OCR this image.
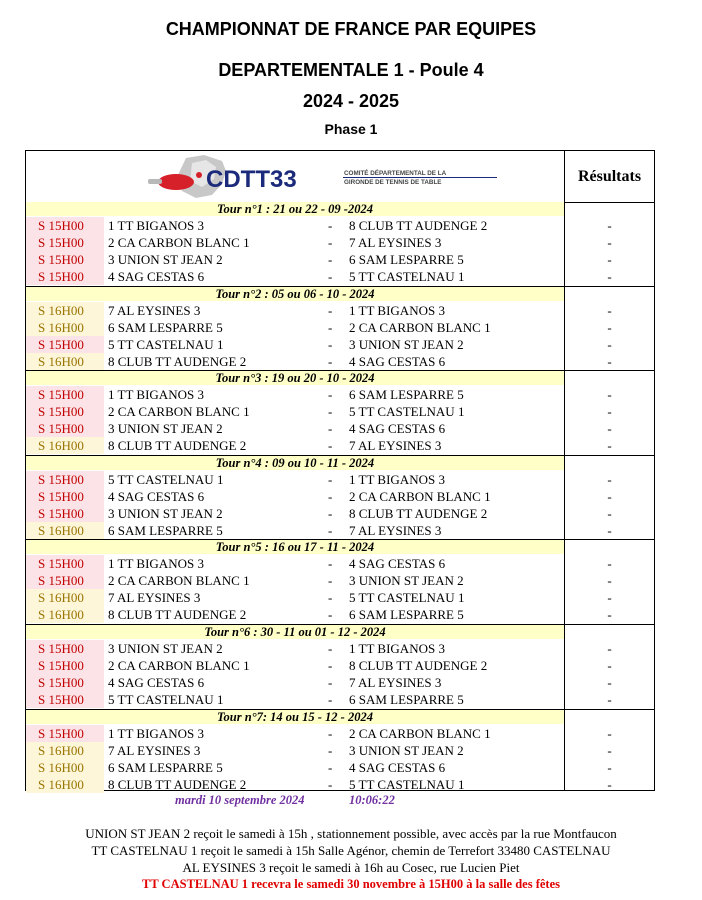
CHAMPIONNAT DE FRANCE PAR EQUIPES
DEPARTEMENTALE 1 - Poule 4
2024 - 2025
Phase 1
CDTT33	COMITÉ DÉPARTEMENTAL DE LA
GIRONDE DE TENNIS DE TABLE	Résultats
Tour n°1 : 21 ou 22 - 09 -2024
S 15H00	1 TT BIGANOS 3	- 8 CLUB TT AUDENGE 2	-
S 15H00	2 CA CARBON BLANC 1	- 7 AL EYSINES 3	-
S 15H00	3 UNION ST JEAN 2	- 6 SAM LESPARRE 5	-
S 15H00	4 SAG CESTAS 6	- 5 TT CASTELNAU 1	-
Tour n°2 : 05 ou 06 - 10 - 2024
S 16H00	7 AL EYSINES 3	- 1 TT BIGANOS 3	-
S 16H00	6 SAM LESPARRE 5	- 2 CA CARBON BLANC 1	-
S 15H00	5 TT CASTELNAU 1	- 3 UNION ST JEAN 2	-
S 16H00	8 CLUB TT AUDENGE 2	- 4 SAG CESTAS 6	-
Tour n°3 : 19 ou 20 - 10 - 2024
S 15H00	1 TT BIGANOS 3	- 6 SAM LESPARRE 5	-
S 15H00	2 CA CARBON BLANC 1	- 5 TT CASTELNAU 1	-
S 15H00	3 UNION ST JEAN 2	- 4 SAG CESTAS 6	-
S 16H00	8 CLUB TT AUDENGE 2	- 7 AL EYSINES 3	-
Tour n°4 : 09 ou 10 - 11 - 2024
S 15H00	5 TT CASTELNAU 1	- 1 TT BIGANOS 3	-
S 15H00	4 SAG CESTAS 6	- 2 CA CARBON BLANC 1	-
S 15H00	3 UNION ST JEAN 2	- 8 CLUB TT AUDENGE 2	-
S 16H00	6 SAM LESPARRE 5	- 7 AL EYSINES 3	-
Tour n°5 : 16 ou 17 - 11 - 2024
S 15H00	1 TT BIGANOS 3	- 4 SAG CESTAS 6	-
S 15H00	2 CA CARBON BLANC 1	- 3 UNION ST JEAN 2	-
S 16H00	7 AL EYSINES 3	- 5 TT CASTELNAU 1	-
S 16H00	8 CLUB TT AUDENGE 2	- 6 SAM LESPARRE 5	-
Tour n°6 : 30 - 11 ou 01 - 12 - 2024
S 15H00	3 UNION ST JEAN 2	- 1 TT BIGANOS 3	-
S 15H00	2 CA CARBON BLANC 1	- 8 CLUB TT AUDENGE 2	-
S 15H00	4 SAG CESTAS 6	- 7 AL EYSINES 3	-
S 15H00	5 TT CASTELNAU 1	- 6 SAM LESPARRE 5	-
Tour n°7: 14 ou 15 - 12 - 2024
S 15H00	1 TT BIGANOS 3	- 2 CA CARBON BLANC 1	-
S 16H00	7 AL EYSINES 3	- 3 UNION ST JEAN 2	-
S 16H00	6 SAM LESPARRE 5	- 4 SAG CESTAS 6	-
S 16H00	8 CLUB TT AUDENGE 2	- 5 TT CASTELNAU 1	-
mardi 10 septembre 2024	10:06:22
UNION ST JEAN 2 reçoit le samedi à 15h , stationnement possible, avec accès par la rue Montfaucon
TT CASTELNAU 1 reçoit le samedi à 15h Salle Agénor, chemin de Terrefort 33480 CASTELNAU
AL EYSINES 3 reçoit le samedi à 16h au Cosec, rue Lucien Piet
TT CASTELNAU 1 recevra le samedi 30 novembre à 15H00 à la salle des fêtes
